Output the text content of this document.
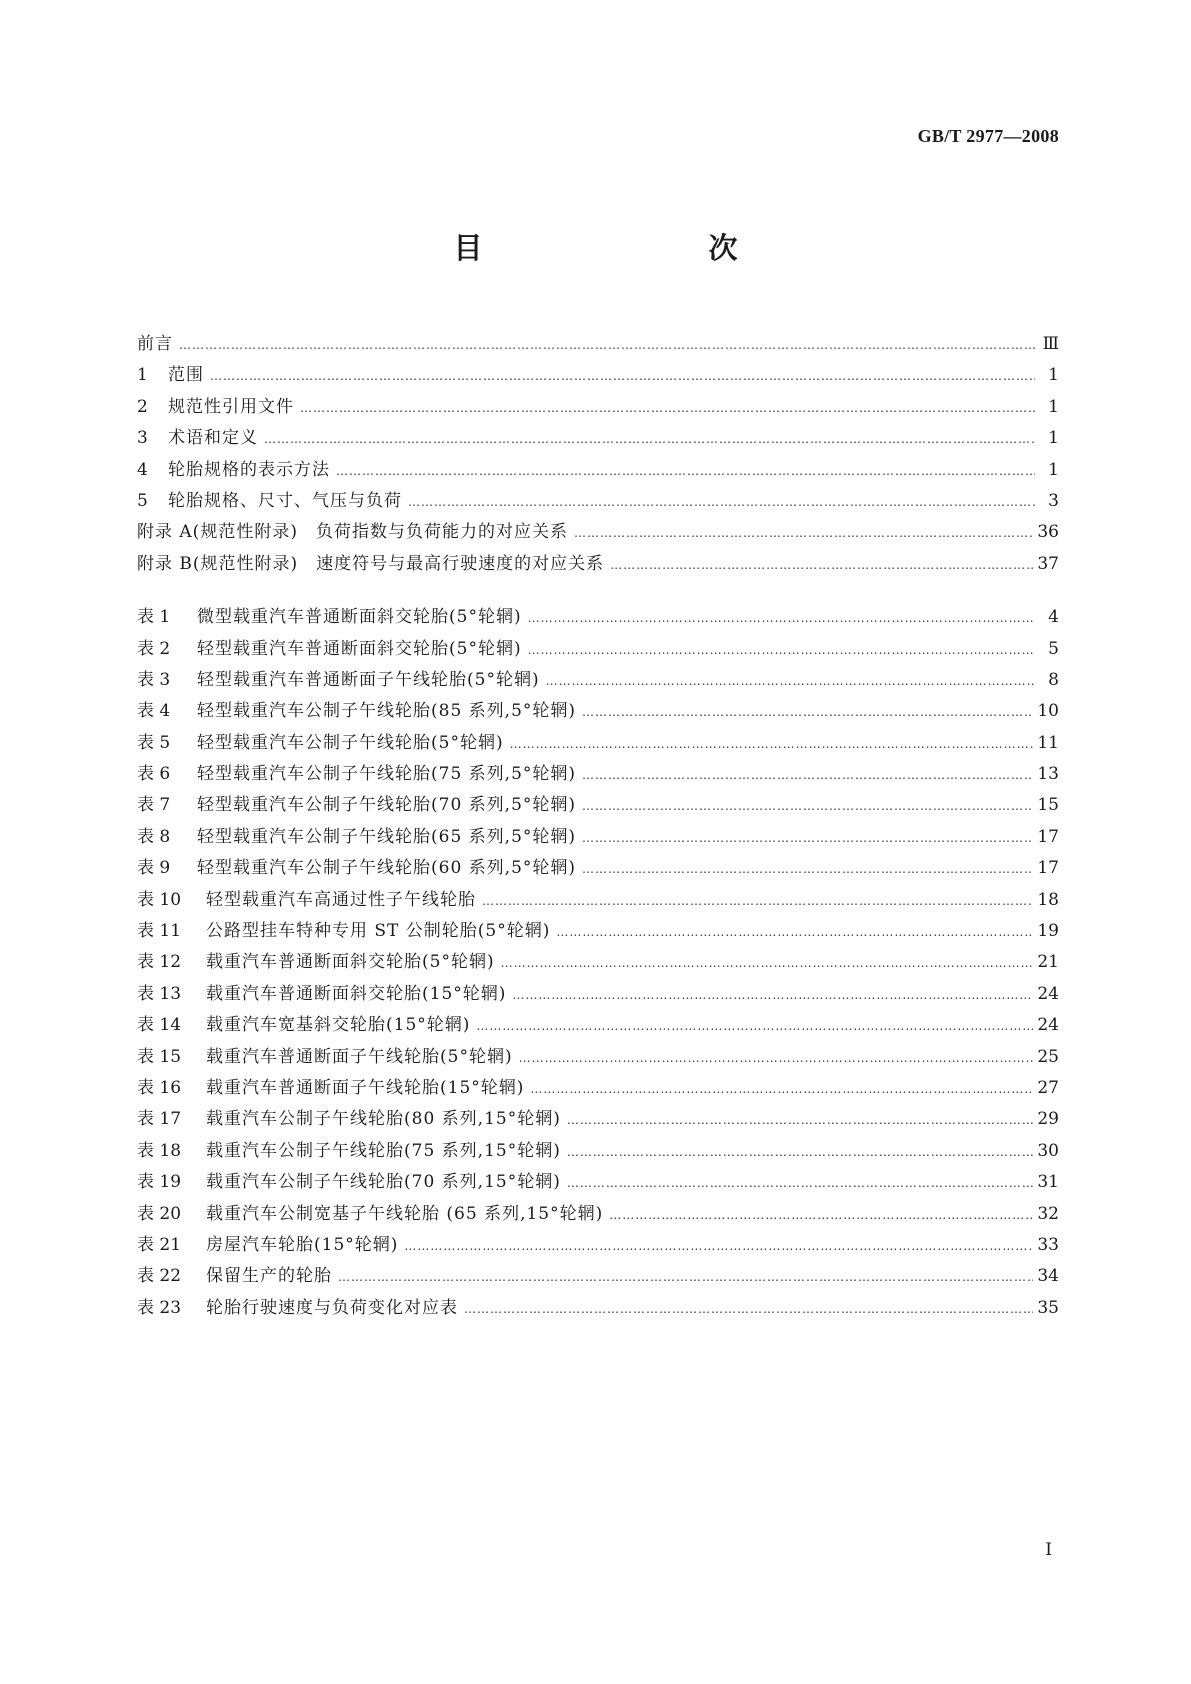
GB/T 2977—2008
目　　次
前言 …………………………………………………………………………………………………………………………………………………………………………………………………………………………	Ⅲ
1	范围 …………………………………………………………………………………………………………………………………………………………………………………………………………………………	1
2	规范性引用文件 …………………………………………………………………………………………………………………………………………………………………………………………………………………………	1
3	术语和定义 …………………………………………………………………………………………………………………………………………………………………………………………………………………………	1
4	轮胎规格的表示方法 …………………………………………………………………………………………………………………………………………………………………………………………………………………………	1
5	轮胎规格、尺寸、气压与负荷 …………………………………………………………………………………………………………………………………………………………………………………………………………………………	3
附录 A(规范性附录)　负荷指数与负荷能力的对应关系 …………………………………………………………………………………………………………………………………………………………………………………………………………………………	36
附录 B(规范性附录)　速度符号与最高行驶速度的对应关系 …………………………………………………………………………………………………………………………………………………………………………………………………………………………	37
表 1	微型载重汽车普通断面斜交轮胎(5°轮辋) …………………………………………………………………………………………………………………………………………………………………………………………………………………………	4
表 2	轻型载重汽车普通断面斜交轮胎(5°轮辋) …………………………………………………………………………………………………………………………………………………………………………………………………………………………	5
表 3	轻型载重汽车普通断面子午线轮胎(5°轮辋) …………………………………………………………………………………………………………………………………………………………………………………………………………………………	8
表 4	轻型载重汽车公制子午线轮胎(85 系列,5°轮辋) …………………………………………………………………………………………………………………………………………………………………………………………………………………………	10
表 5	轻型载重汽车公制子午线轮胎(5°轮辋) …………………………………………………………………………………………………………………………………………………………………………………………………………………………	11
表 6	轻型载重汽车公制子午线轮胎(75 系列,5°轮辋) …………………………………………………………………………………………………………………………………………………………………………………………………………………………	13
表 7	轻型载重汽车公制子午线轮胎(70 系列,5°轮辋) …………………………………………………………………………………………………………………………………………………………………………………………………………………………	15
表 8	轻型载重汽车公制子午线轮胎(65 系列,5°轮辋) …………………………………………………………………………………………………………………………………………………………………………………………………………………………	17
表 9	轻型载重汽车公制子午线轮胎(60 系列,5°轮辋) …………………………………………………………………………………………………………………………………………………………………………………………………………………………	17
表 10	轻型载重汽车高通过性子午线轮胎 …………………………………………………………………………………………………………………………………………………………………………………………………………………………	18
表 11	公路型挂车特种专用 ST 公制轮胎(5°轮辋) …………………………………………………………………………………………………………………………………………………………………………………………………………………………	19
表 12	载重汽车普通断面斜交轮胎(5°轮辋) …………………………………………………………………………………………………………………………………………………………………………………………………………………………	21
表 13	载重汽车普通断面斜交轮胎(15°轮辋) …………………………………………………………………………………………………………………………………………………………………………………………………………………………	24
表 14	载重汽车宽基斜交轮胎(15°轮辋) …………………………………………………………………………………………………………………………………………………………………………………………………………………………	24
表 15	载重汽车普通断面子午线轮胎(5°轮辋) …………………………………………………………………………………………………………………………………………………………………………………………………………………………	25
表 16	载重汽车普通断面子午线轮胎(15°轮辋) …………………………………………………………………………………………………………………………………………………………………………………………………………………………	27
表 17	载重汽车公制子午线轮胎(80 系列,15°轮辋) …………………………………………………………………………………………………………………………………………………………………………………………………………………………	29
表 18	载重汽车公制子午线轮胎(75 系列,15°轮辋) …………………………………………………………………………………………………………………………………………………………………………………………………………………………	30
表 19	载重汽车公制子午线轮胎(70 系列,15°轮辋) …………………………………………………………………………………………………………………………………………………………………………………………………………………………	31
表 20	载重汽车公制宽基子午线轮胎 (65 系列,15°轮辋) …………………………………………………………………………………………………………………………………………………………………………………………………………………………	32
表 21	房屋汽车轮胎(15°轮辋) …………………………………………………………………………………………………………………………………………………………………………………………………………………………	33
表 22	保留生产的轮胎 …………………………………………………………………………………………………………………………………………………………………………………………………………………………	34
表 23	轮胎行驶速度与负荷变化对应表 …………………………………………………………………………………………………………………………………………………………………………………………………………………………	35
I
